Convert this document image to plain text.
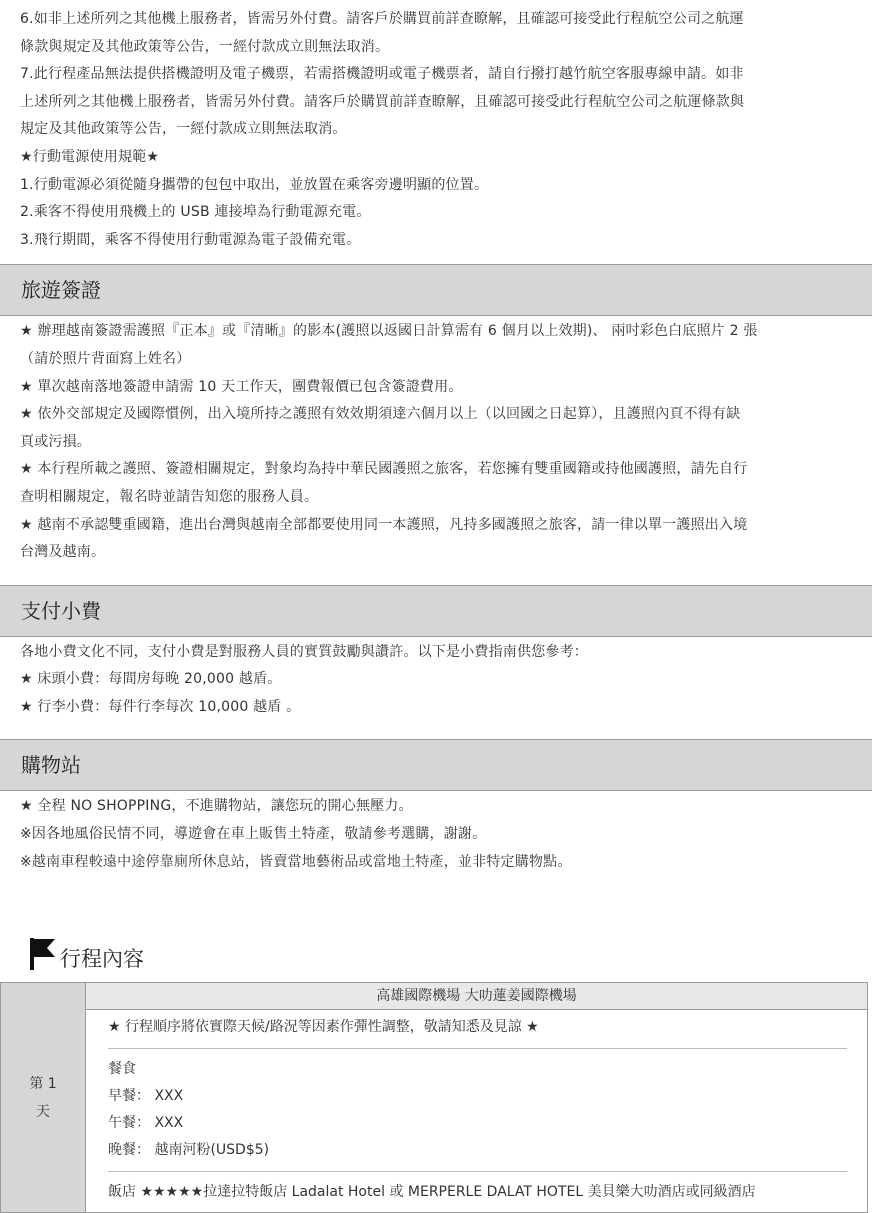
6.如非上述所列之其他機上服務者，皆需另外付費。請客戶於購買前詳查瞭解，且確認可接受此行程航空公司之航運
條款與規定及其他政策等公告，一經付款成立則無法取消。
7.此行程產品無法提供搭機證明及電子機票，若需搭機證明或電子機票者，請自行撥打越竹航空客服專線申請。如非
上述所列之其他機上服務者，皆需另外付費。請客戶於購買前詳查瞭解，且確認可接受此行程航空公司之航運條款與
規定及其他政策等公告，一經付款成立則無法取消。
★行動電源使用規範★
1.行動電源必須從隨身攜帶的包包中取出，並放置在乘客旁邊明顯的位置。
2.乘客不得使用飛機上的 USB 連接埠為行動電源充電。
3.飛行期間，乘客不得使用行動電源為電子設備充電。
旅遊簽證
★ 辦理越南簽證需護照『正本』或『清晰』的影本(護照以返國日計算需有 6 個月以上效期)、 兩吋彩色白底照片 2 張
（請於照片背面寫上姓名）
★ 單次越南落地簽證申請需 10 天工作天，團費報價已包含簽證費用。
★ 依外交部規定及國際慣例，出入境所持之護照有效效期須達六個月以上（以回國之日起算），且護照內頁不得有缺
頁或污損。
★ 本行程所載之護照、簽證相關規定，對象均為持中華民國護照之旅客，若您擁有雙重國籍或持他國護照，請先自行
查明相關規定，報名時並請告知您的服務人員。
★ 越南不承認雙重國籍，進出台灣與越南全部都要使用同一本護照，凡持多國護照之旅客，請一律以單一護照出入境
台灣及越南。
支付小費
各地小費文化不同，支付小費是對服務人員的實質鼓勵與讚許。以下是小費指南供您參考：
★ 床頭小費：每間房每晚 20,000 越盾。
★ 行李小費：每件行李每次 10,000 越盾 。
購物站
★ 全程 NO SHOPPING，不進購物站，讓您玩的開心無壓力。
※因各地風俗民情不同，導遊會在車上販售土特產，敬請參考選購，謝謝。
※越南車程較遠中途停靠廁所休息站，皆賣當地藝術品或當地土特產，並非特定購物點。
行程內容
第 1
天
	高雄國際機場 大叻蓮姜國際機場

★ 行程順序將依實際天候/路況等因素作彈性調整，敬請知悉及見諒 ★
餐食
早餐： XXX
午餐： XXX
晚餐： 越南河粉(USD$5)
飯店 ★★★★★拉達拉特飯店 Ladalat Hotel 或 MERPERLE DALAT HOTEL 美貝樂大叻酒店或同級酒店
